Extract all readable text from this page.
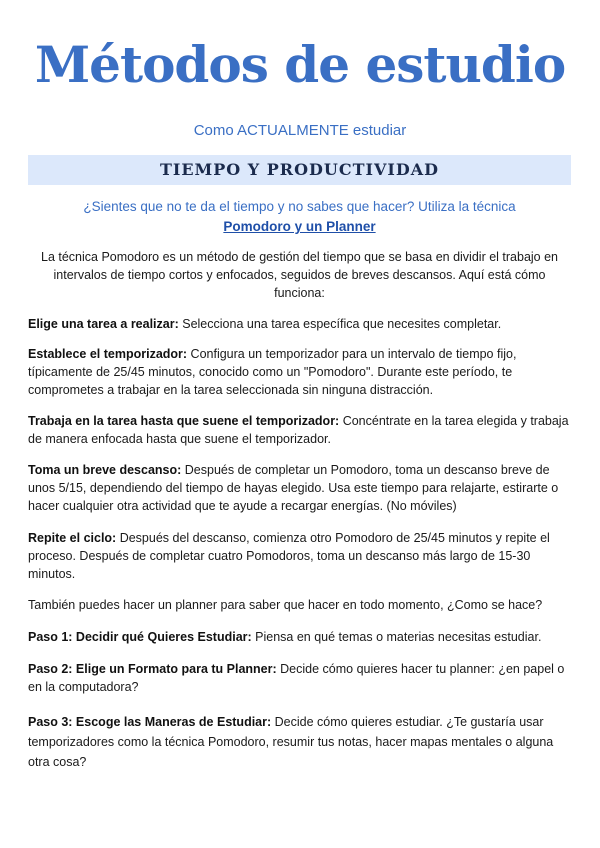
Métodos de estudio
Como ACTUALMENTE estudiar
TIEMPO Y PRODUCTIVIDAD
¿Sientes que no te da el tiempo y no sabes que hacer? Utiliza la técnica
Pomodoro y un Planner
La técnica Pomodoro es un método de gestión del tiempo que se basa en dividir el trabajo en intervalos de tiempo cortos y enfocados, seguidos de breves descansos. Aquí está cómo funciona:
Elige una tarea a realizar: Selecciona una tarea específica que necesites completar.
Establece el temporizador: Configura un temporizador para un intervalo de tiempo fijo, típicamente de 25/45 minutos, conocido como un "Pomodoro". Durante este período, te comprometes a trabajar en la tarea seleccionada sin ninguna distracción.
Trabaja en la tarea hasta que suene el temporizador: Concéntrate en la tarea elegida y trabaja de manera enfocada hasta que suene el temporizador.
Toma un breve descanso: Después de completar un Pomodoro, toma un descanso breve de unos 5/15, dependiendo del tiempo de hayas elegido. Usa este tiempo para relajarte, estirarte o hacer cualquier otra actividad que te ayude a recargar energías. (No móviles)
Repite el ciclo: Después del descanso, comienza otro Pomodoro de 25/45 minutos y repite el proceso. Después de completar cuatro Pomodoros, toma un descanso más largo de 15-30 minutos.
También puedes hacer un planner para saber que hacer en todo momento, ¿Como se hace?
Paso 1: Decidir qué Quieres Estudiar: Piensa en qué temas o materias necesitas estudiar.
Paso 2: Elige un Formato para tu Planner: Decide cómo quieres hacer tu planner: ¿en papel o en la computadora?
Paso 3: Escoge las Maneras de Estudiar: Decide cómo quieres estudiar. ¿Te gustaría usar temporizadores como la técnica Pomodoro, resumir tus notas, hacer mapas mentales o alguna otra cosa?
